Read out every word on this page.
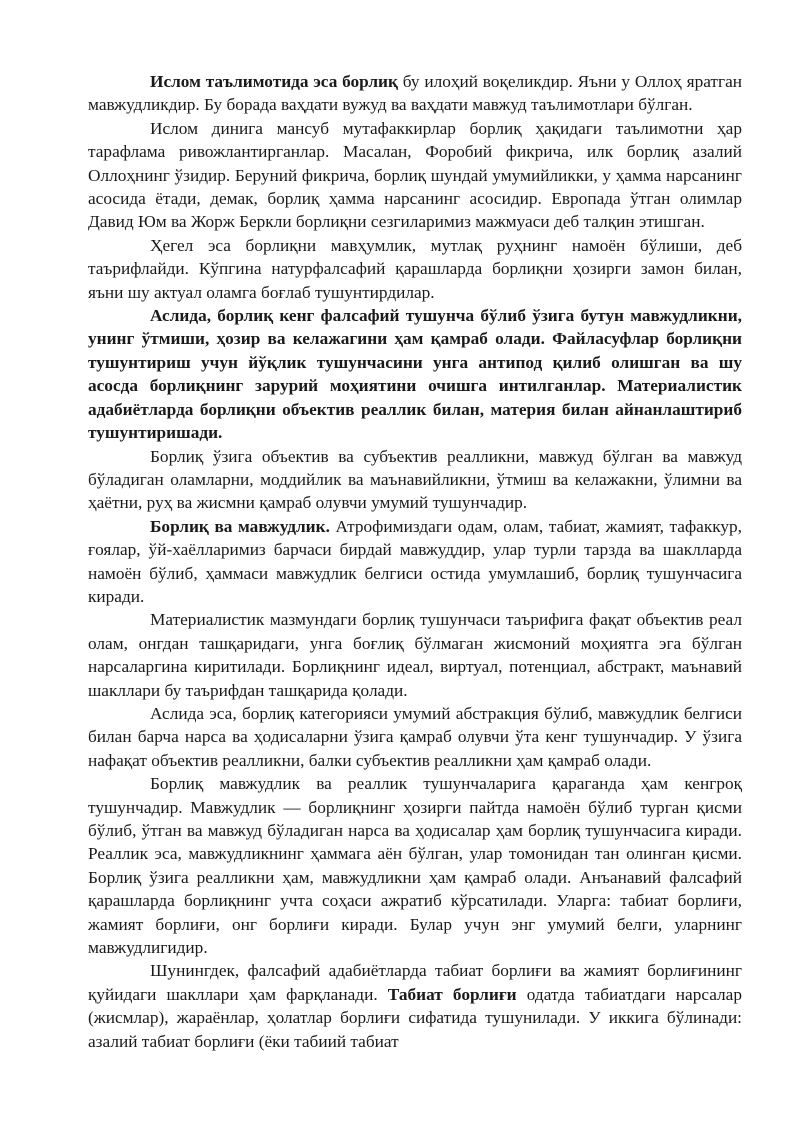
Ислом таълимотида эса борлиқ бу илоҳий воқеликдир. Яъни у Оллоҳ яратган мавжудликдир. Бу борада ваҳдати вужуд ва ваҳдати мавжуд таълимотлари бўлган.

Ислом динига мансуб мутафаккирлар борлиқ ҳақидаги таълимотни ҳар тарафлама ривожлантирганлар. Масалан, Форобий фикрича, илк борлиқ азалий Оллоҳнинг ўзидир. Беруний фикрича, борлиқ шундай умумийликки, у ҳамма нарсанинг асосида ётади, демак, борлиқ ҳамма нарсанинг асосидир. Европада ўтган олимлар Давид Юм ва Жорж Беркли борлиқни сезгиларимиз мажмуаси деб талқин этишган.

Ҳегел эса борлиқни мавҳумлик, мутлақ руҳнинг намоён бўлиши, деб таърифлайди. Кўпгина натурфалсафий қарашларда борлиқни ҳозирги замон билан, яъни шу актуал оламга боғлаб тушунтирдилар.

Аслида, борлиқ кенг фалсафий тушунча бўлиб ўзига бутун мавжудликни, унинг ўтмиши, ҳозир ва келажагини ҳам қамраб олади. Файласуфлар борлиқни тушунтириш учун йўқлик тушунчасини унга антипод қилиб олишган ва шу асосда борлиқнинг зарурий моҳиятини очишга интилганлар. Материалистик адабиётларда борлиқни объектив реаллик билан, материя билан айнанлаштириб тушунтиришади.

Борлиқ ўзига объектив ва субъектив реалликни, мавжуд бўлган ва мавжуд бўладиган оламларни, моддийлик ва маънавийликни, ўтмиш ва келажакни, ўлимни ва ҳаётни, руҳ ва жисмни қамраб олувчи умумий тушунчадир.

Борлиқ ва мавжудлик. Атрофимиздаги одам, олам, табиат, жамият, тафаккур, ғоялар, ўй-хаёлларимиз барчаси бирдай мавжуддир, улар турли тарзда ва шаклларда намоён бўлиб, ҳаммаси мавжудлик белгиси остида умумлашиб, борлиқ тушунчасига киради.

Материалистик мазмундаги борлиқ тушунчаси таърифига фақат объектив реал олам, онгдан ташқаридаги, унга боғлиқ бўлмаган жисмоний моҳиятга эга бўлган нарсаларгина киритилади. Борлиқнинг идеал, виртуал, потенциал, абстракт, маънавий шакллари бу таърифдан ташқарида қолади.

Аслида эса, борлиқ категорияси умумий абстракция бўлиб, мавжудлик белгиси билан барча нарса ва ҳодисаларни ўзига қамраб олувчи ўта кенг тушунчадир. У ўзига нафақат объектив реалликни, балки субъектив реалликни ҳам қамраб олади.

Борлиқ мавжудлик ва реаллик тушунчаларига қараганда ҳам кенгроқ тушунчадир. Мавжудлик — борлиқнинг ҳозирги пайтда намоён бўлиб турган қисми бўлиб, ўтган ва мавжуд бўладиган нарса ва ҳодисалар ҳам борлиқ тушунчасига киради. Реаллик эса, мавжудликнинг ҳаммага аён бўлган, улар томонидан тан олинган қисми. Борлиқ ўзига реалликни ҳам, мавжудликни ҳам қамраб олади. Анъанавий фалсафий қарашларда борлиқнинг учта соҳаси ажратиб кўрсатилади. Уларга: табиат борлиғи, жамият борлиғи, онг борлиғи киради. Булар учун энг умумий белги, уларнинг мавжудлигидир.

Шунингдек, фалсафий адабиётларда табиат борлиғи ва жамият борлиғининг қуйидаги шакллари ҳам фарқланади. Табиат борлиғи одатда табиатдаги нарсалар (жисмлар), жараёнлар, ҳолатлар борлиғи сифатида тушунилади. У иккига бўлинади: азалий табиат борлиғи (ёки табиий табиат
